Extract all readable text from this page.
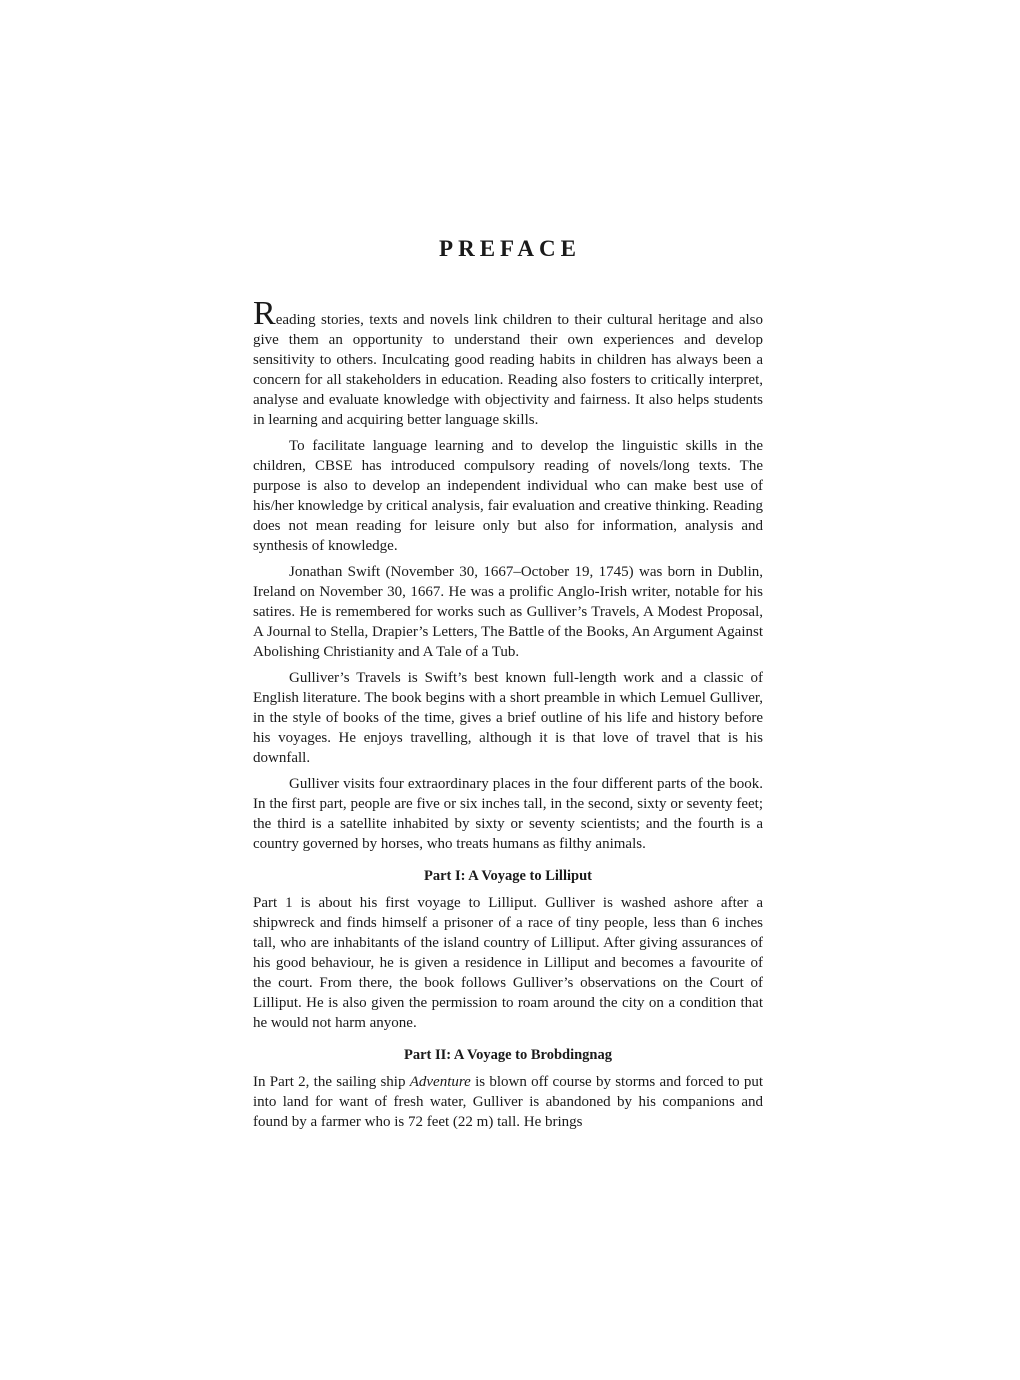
PREFACE

Reading stories, texts and novels link children to their cultural heritage and also give them an opportunity to understand their own experiences and develop sensitivity to others. Inculcating good reading habits in children has always been a concern for all stakeholders in education. Reading also fosters to critically interpret, analyse and evaluate knowledge with objectivity and fairness. It also helps students in learning and acquiring better language skills.

To facilitate language learning and to develop the linguistic skills in the children, CBSE has introduced compulsory reading of novels/long texts. The purpose is also to develop an independent individual who can make best use of his/her knowledge by critical analysis, fair evaluation and creative thinking. Reading does not mean reading for leisure only but also for information, analysis and synthesis of knowledge.

Jonathan Swift (November 30, 1667–October 19, 1745) was born in Dublin, Ireland on November 30, 1667. He was a prolific Anglo-Irish writer, notable for his satires. He is remembered for works such as Gulliver’s Travels, A Modest Proposal, A Journal to Stella, Drapier’s Letters, The Battle of the Books, An Argument Against Abolishing Christianity and A Tale of a Tub.

Gulliver’s Travels is Swift’s best known full-length work and a classic of English literature. The book begins with a short preamble in which Lemuel Gulliver, in the style of books of the time, gives a brief outline of his life and history before his voyages. He enjoys travelling, although it is that love of travel that is his downfall.

Gulliver visits four extraordinary places in the four different parts of the book. In the first part, people are five or six inches tall, in the second, sixty or seventy feet; the third is a satellite inhabited by sixty or seventy scientists; and the fourth is a country governed by horses, who treats humans as filthy animals.

Part I: A Voyage to Lilliput

Part 1 is about his first voyage to Lilliput. Gulliver is washed ashore after a shipwreck and finds himself a prisoner of a race of tiny people, less than 6 inches tall, who are inhabitants of the island country of Lilliput. After giving assurances of his good behaviour, he is given a residence in Lilliput and becomes a favourite of the court. From there, the book follows Gulliver’s observations on the Court of Lilliput. He is also given the permission to roam around the city on a condition that he would not harm anyone.

Part II: A Voyage to Brobdingnag

In Part 2, the sailing ship Adventure is blown off course by storms and forced to put into land for want of fresh water, Gulliver is abandoned by his companions and found by a farmer who is 72 feet (22 m) tall. He brings
